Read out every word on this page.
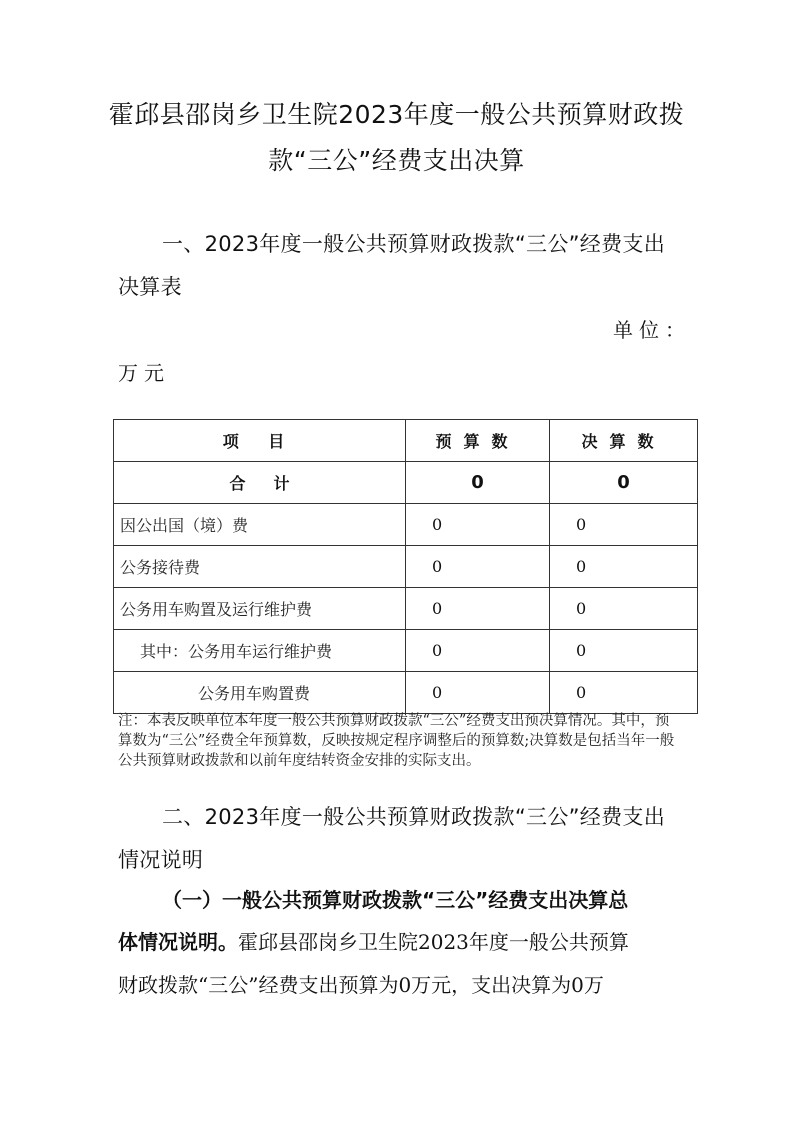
霍邱县邵岗乡卫生院2023年度一般公共预算财政拨
款“三公”经费支出决算
一、2023年度一般公共预算财政拨款“三公”经费支出
决算表
单位：
万元
项 目	预算数	决算数
合计	0	0
因公出国（境）费	0	0
公务接待费	0	0
公务用车购置及运行维护费	0	0
其中：公务用车运行维护费	0	0
公务用车购置费	0	0
注：本表反映单位本年度一般公共预算财政拨款“三公”经费支出预决算情况。其中，预算数为“三公”经费全年预算数，反映按规定程序调整后的预算数;决算数是包括当年一般公共预算财政拨款和以前年度结转资金安排的实际支出。
二、2023年度一般公共预算财政拨款“三公”经费支出
情况说明
（一）一般公共预算财政拨款“三公”经费支出决算总
体情况说明。霍邱县邵岗乡卫生院2023年度一般公共预算
财政拨款“三公”经费支出预算为0万元，支出决算为0万
